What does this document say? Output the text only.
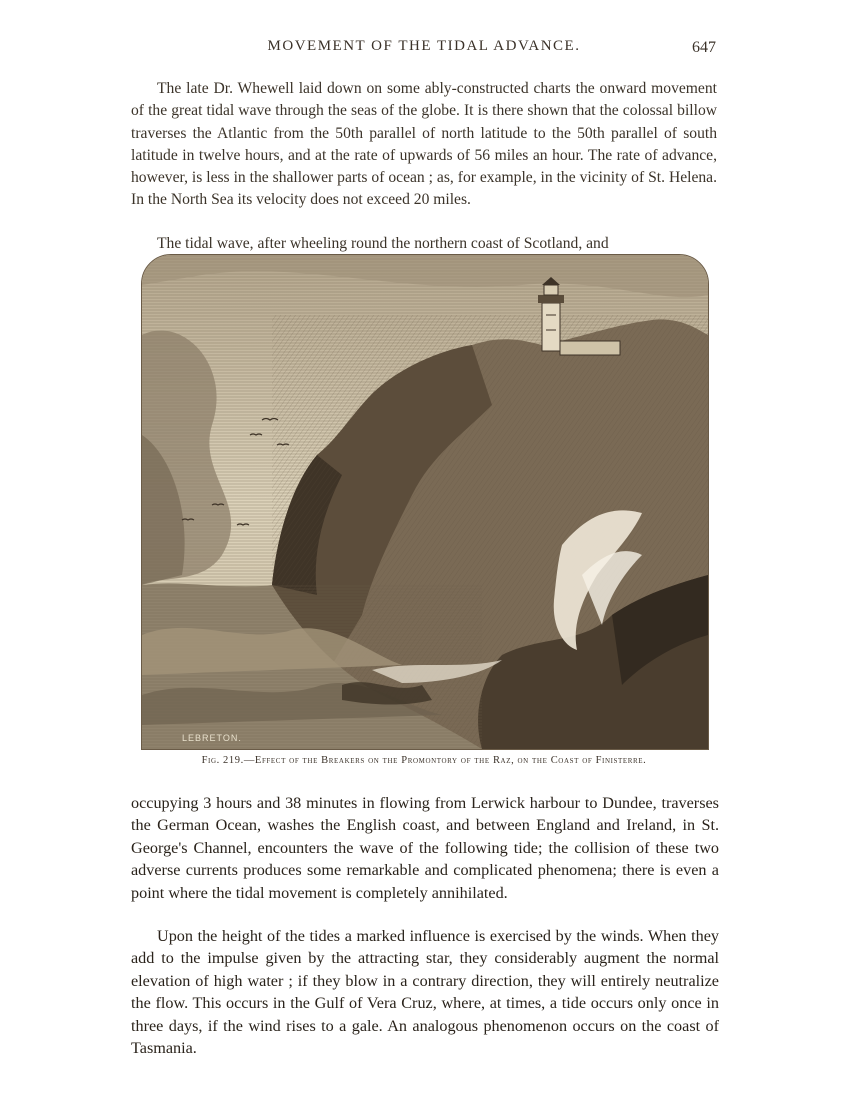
MOVEMENT OF THE TIDAL ADVANCE.	647

The late Dr. Whewell laid down on some ably-constructed charts the onward movement of the great tidal wave through the seas of the globe. It is there shown that the colossal billow traverses the Atlantic from the 50th parallel of north latitude to the 50th parallel of south latitude in twelve hours, and at the rate of upwards of 56 miles an hour. The rate of advance, however, is less in the shallower parts of ocean ; as, for example, in the vicinity of St. Helena. In the North Sea its velocity does not exceed 20 miles.

The tidal wave, after wheeling round the northern coast of Scotland, and

LEBRETON.
Fig. 219.—Effect of the Breakers on the Promontory of the Raz, on the Coast of Finisterre.

occupying 3 hours and 38 minutes in flowing from Lerwick harbour to Dundee, traverses the German Ocean, washes the English coast, and between England and Ireland, in St. George's Channel, encounters the wave of the following tide; the collision of these two adverse currents produces some remarkable and complicated phenomena; there is even a point where the tidal movement is completely annihilated.

Upon the height of the tides a marked influence is exercised by the winds. When they add to the impulse given by the attracting star, they considerably augment the normal elevation of high water ; if they blow in a contrary direction, they will entirely neutralize the flow. This occurs in the Gulf of Vera Cruz, where, at times, a tide occurs only once in three days, if the wind rises to a gale. An analogous phenomenon occurs on the coast of Tasmania.
